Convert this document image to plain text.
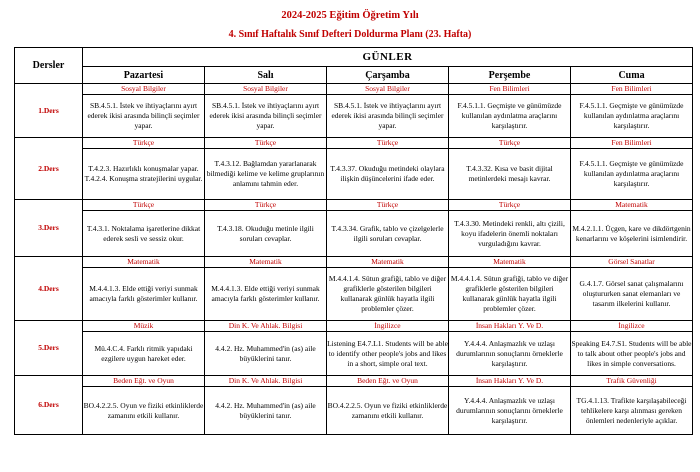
2024-2025 Eğitim Öğretim Yılı
4. Sınıf Haftalık Sınıf Defteri Doldurma Planı (23. Hafta)
Dersler	GÜNLER				
	Pazartesi	Salı	Çarşamba	Perşembe	Cuma
1.Ders	Sosyal Bilgiler	Sosyal Bilgiler	Sosyal Bilgiler	Fen Bilimleri	Fen Bilimleri
	SB.4.5.1. İstek ve ihtiyaçlarını ayırt ederek ikisi arasında bilinçli seçimler yapar.	SB.4.5.1. İstek ve ihtiyaçlarını ayırt ederek ikisi arasında bilinçli seçimler yapar.	SB.4.5.1. İstek ve ihtiyaçlarını ayırt ederek ikisi arasında bilinçli seçimler yapar.	F.4.5.1.1. Geçmişte ve günümüzde kullanılan aydınlatma araçlarını karşılaştırır.	F.4.5.1.1. Geçmişte ve günümüzde kullanılan aydınlatma araçlarını karşılaştırır.
2.Ders	Türkçe	Türkçe	Türkçe	Türkçe	Fen Bilimleri
	T.4.2.3. Hazırlıklı konuşmalar yapar. T.4.2.4. Konuşma stratejilerini uygular.	T.4.3.12. Bağlamdan yararlanarak bilmediği kelime ve kelime gruplarının anlamını tahmin eder.	T.4.3.37. Okuduğu metindeki olaylara ilişkin düşüncelerini ifade eder.	T.4.3.32. Kısa ve basit dijital metinlerdeki mesajı kavrar.	F.4.5.1.1. Geçmişte ve günümüzde kullanılan aydınlatma araçlarını karşılaştırır.
3.Ders	Türkçe	Türkçe	Türkçe	Türkçe	Matematik
	T.4.3.1. Noktalama işaretlerine dikkat ederek sesli ve sessiz okur.	T.4.3.18. Okuduğu metinle ilgili soruları cevaplar.	T.4.3.34. Grafik, tablo ve çizelgelerle ilgili soruları cevaplar.	T.4.3.30. Metindeki renkli, altı çizili, koyu ifadelerin önemli noktaları vurguladığını kavrar.	M.4.2.1.1. Üçgen, kare ve dikdörtgenin kenarlarını ve köşelerini isimlendirir.
4.Ders	Matematik	Matematik	Matematik	Matematik	Görsel Sanatlar
	M.4.4.1.3. Elde ettiği veriyi sunmak amacıyla farklı gösterimler kullanır.	M.4.4.1.3. Elde ettiği veriyi sunmak amacıyla farklı gösterimler kullanır.	M.4.4.1.4. Sütun grafiği, tablo ve diğer grafiklerle gösterilen bilgileri kullanarak günlük hayatla ilgili problemler çözer.	M.4.4.1.4. Sütun grafiği, tablo ve diğer grafiklerle gösterilen bilgileri kullanarak günlük hayatla ilgili problemler çözer.	G.4.1.7. Görsel sanat çalışmalarını oluştururken sanat elemanları ve tasarım ilkelerini kullanır.
5.Ders	Müzik	Din K. Ve Ahlak. Bilgisi	İngilizce	İnsan Hakları Y. Ve D.	İngilizce
	Mü.4.C.4. Farklı ritmik yapıdaki ezgilere uygun hareket eder.	4.4.2. Hz. Muhammed'in (as) aile büyüklerini tanır.	Listening E4.7.L1. Students will be able to identify other people's jobs and likes in a short, simple oral text.	Y.4.4.4. Anlaşmazlık ve uzlaşı durumlarının sonuçlarını örneklerle karşılaştırır.	Speaking E4.7.S1. Students will be able to talk about other people's jobs and likes in simple conversations.
6.Ders	Beden Eğt. ve Oyun	Din K. Ve Ahlak. Bilgisi	Beden Eğt. ve Oyun	İnsan Hakları Y. Ve D.	Trafik Güvenliği
	BO.4.2.2.5. Oyun ve fiziki etkinliklerde zamanını etkili kullanır.	4.4.2. Hz. Muhammed'in (as) aile büyüklerini tanır.	BO.4.2.2.5. Oyun ve fiziki etkinliklerde zamanını etkili kullanır.	Y.4.4.4. Anlaşmazlık ve uzlaşı durumlarının sonuçlarını örneklerle karşılaştırır.	TG.4.1.13. Trafikte karşılaşabileceği tehlikelere karşı alınması gereken önlemleri nedenleriyle açıklar.
